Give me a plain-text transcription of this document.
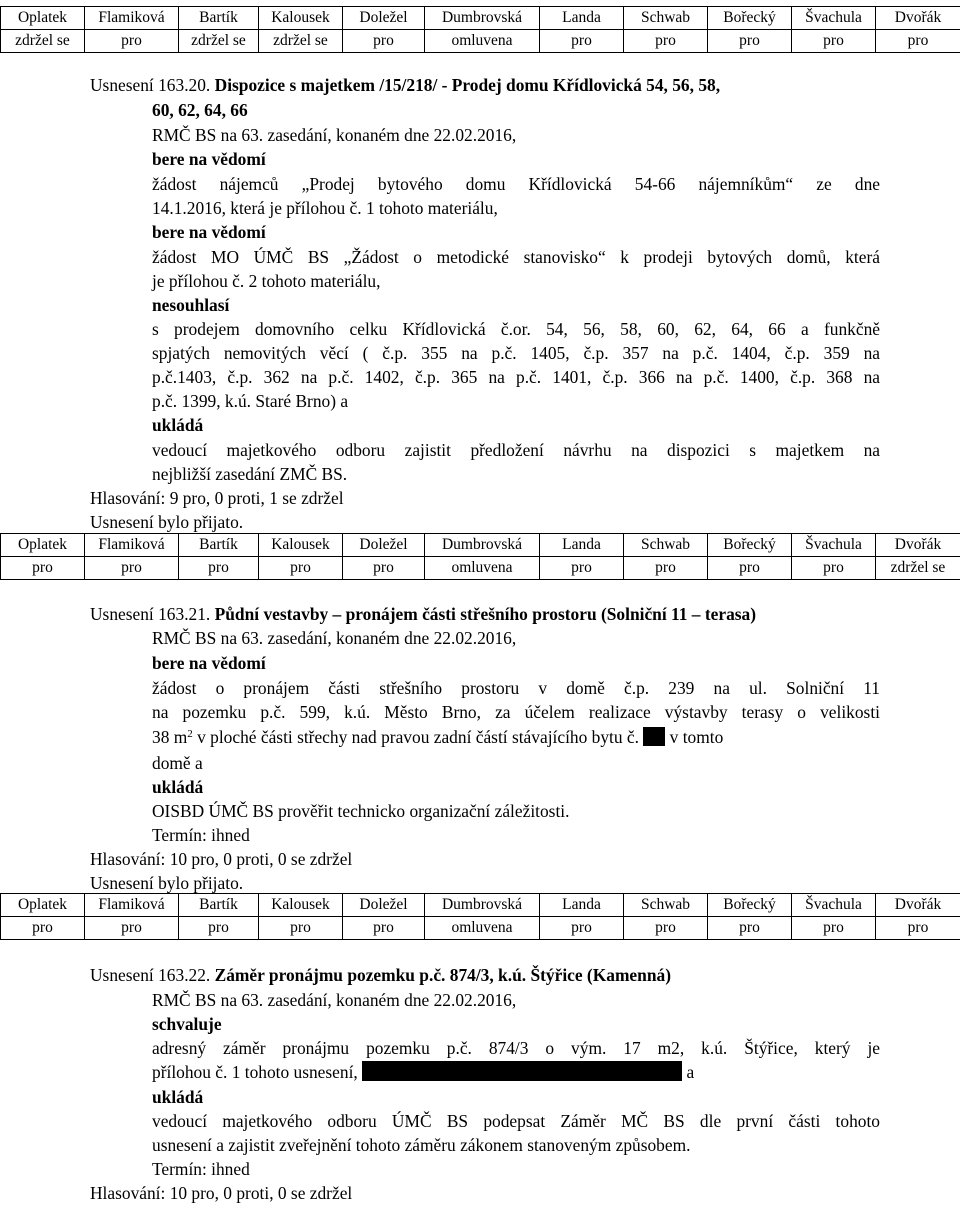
Oplatek	Flamiková	Bartík	Kalousek	Doležel	Dumbrovská	Landa	Schwab	Bořecký	Švachula	Dvořák
zdržel se	pro	zdržel se	zdržel se	pro	omluvena	pro	pro	pro	pro	pro
Usnesení 163.20. Dispozice s majetkem /15/218/ - Prodej domu Křídlovická 54, 56, 58,
60, 62, 64, 66
RMČ BS na 63. zasedání, konaném dne 22.02.2016,
bere na vědomí
žádost nájemců „Prodej bytového domu Křídlovická 54-66 nájemníkům“ ze dne
14.1.2016, která je přílohou č. 1 tohoto materiálu,
bere na vědomí
žádost MO ÚMČ BS „Žádost o metodické stanovisko“ k prodeji bytových domů, která
je přílohou č. 2 tohoto materiálu,
nesouhlasí
s prodejem domovního celku Křídlovická č.or. 54, 56, 58, 60, 62, 64, 66 a funkčně
spjatých nemovitých věcí ( č.p. 355 na p.č. 1405, č.p. 357 na p.č. 1404, č.p. 359 na
p.č.1403, č.p. 362 na p.č. 1402, č.p. 365 na p.č. 1401, č.p. 366 na p.č. 1400, č.p. 368 na
p.č. 1399, k.ú. Staré Brno) a
ukládá
vedoucí majetkového odboru zajistit předložení návrhu na dispozici s majetkem na
nejbližší zasedání ZMČ BS.
Hlasování: 9 pro, 0 proti, 1 se zdržel
Usnesení bylo přijato.
Oplatek	Flamiková	Bartík	Kalousek	Doležel	Dumbrovská	Landa	Schwab	Bořecký	Švachula	Dvořák
pro	pro	pro	pro	pro	omluvena	pro	pro	pro	pro	zdržel se
Usnesení 163.21. Půdní vestavby – pronájem části střešního prostoru (Solniční 11 – terasa)
RMČ BS na 63. zasedání, konaném dne 22.02.2016,
bere na vědomí
žádost o pronájem části střešního prostoru v domě č.p. 239 na ul. Solniční 11
na pozemku p.č. 599, k.ú. Město Brno, za účelem realizace výstavby terasy o velikosti
38 $m^2$ v ploché části střechy nad pravou zadní částí stávajícího bytu č.  v tomto
domě a
ukládá
OISBD ÚMČ BS prověřit technicko organizační záležitosti.
Termín: ihned
Hlasování: 10 pro, 0 proti, 0 se zdržel
Usnesení bylo přijato.
Oplatek	Flamiková	Bartík	Kalousek	Doležel	Dumbrovská	Landa	Schwab	Bořecký	Švachula	Dvořák
pro	pro	pro	pro	pro	omluvena	pro	pro	pro	pro	pro
Usnesení 163.22. Záměr pronájmu pozemku p.č. 874/3, k.ú. Štýřice (Kamenná)
RMČ BS na 63. zasedání, konaném dne 22.02.2016,
schvaluje
adresný záměr pronájmu pozemku p.č. 874/3 o vým. 17 m2, k.ú. Štýřice, který je
přílohou č. 1 tohoto usnesení,	a
ukládá
vedoucí majetkového odboru ÚMČ BS podepsat Záměr MČ BS dle první části tohoto
usnesení a zajistit zveřejnění tohoto záměru zákonem stanoveným způsobem.
Termín: ihned
Hlasování: 10 pro, 0 proti, 0 se zdržel
